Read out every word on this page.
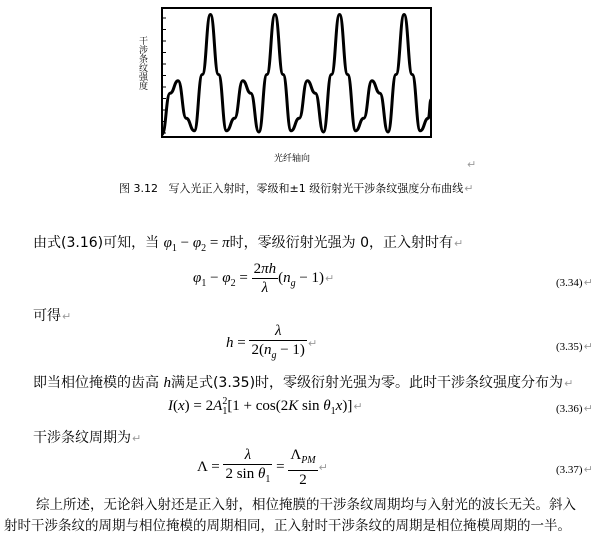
干涉条纹强度
光纤轴向
图 3.12 写入光正入射时，零级和±1 级衍射光干涉条纹强度分布曲线↵
↵
由式(3.16)可知，当 $\varphi_1 - \varphi_2 = \pi$时，零级衍射光强为 0，正入射时有↵
$\varphi_1 - \varphi_2 = \frac{2\pi h}{\lambda} (n_g$ − 1)↵	(3.34)↵
可得↵
$h = \frac{\lambda}{2(n_g - 1)}$ ↵	(3.35)↵
即当相位掩模的齿高 h满足式(3.35)时，零级衍射光强为零。此时干涉条纹强度分布为↵
$I(x) = 2A_1^2[1 + \cos(2K$ $\sin \theta_1x)]↵$	(3.36)↵
干涉条纹周期为↵
$\Lambda = \frac{\lambda}{2 \sin \theta_1} = \frac{\Lambda_{PM}}{2}$ ↵	(3.37)↵
综上所述，无论斜入射还是正入射，相位掩膜的干涉条纹周期均与入射光的波长无关。斜入
射时干涉条纹的周期与相位掩模的周期相同，正入射时干涉条纹的周期是相位掩模周期的一半。
